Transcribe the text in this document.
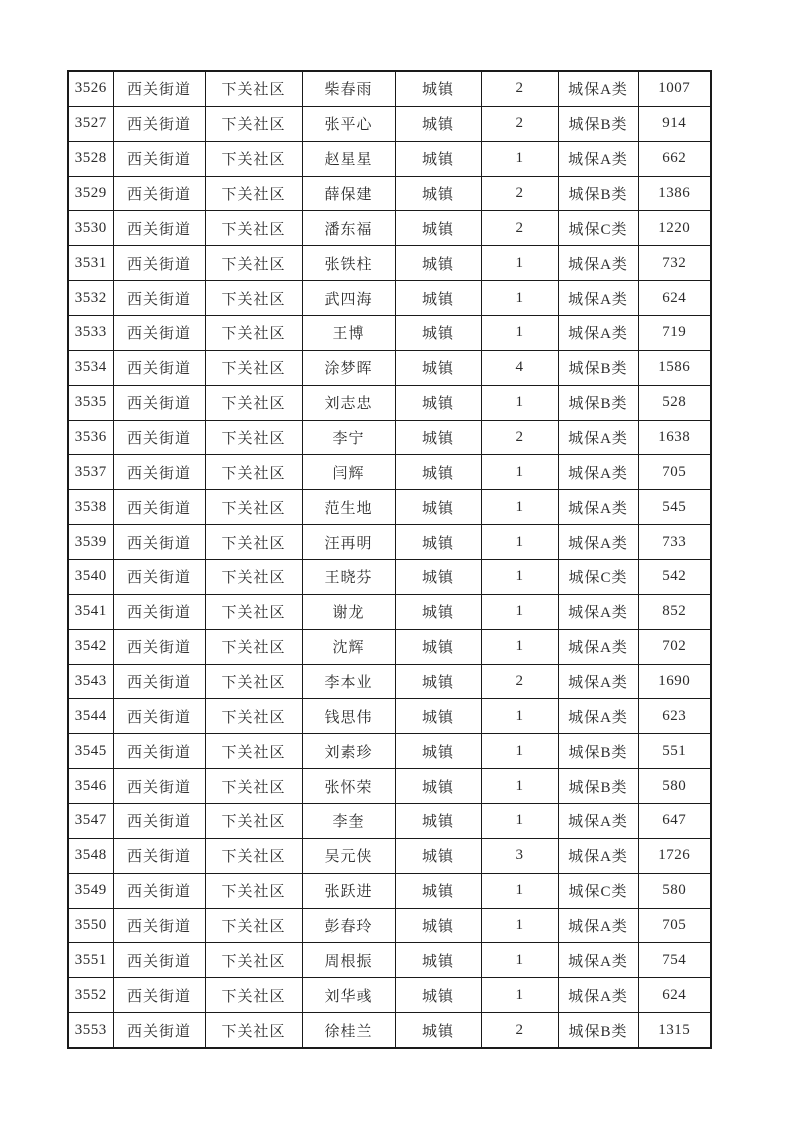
3526	西关街道	下关社区	柴春雨	城镇	2	城保A类	1007
3527	西关街道	下关社区	张平心	城镇	2	城保B类	914
3528	西关街道	下关社区	赵星星	城镇	1	城保A类	662
3529	西关街道	下关社区	薛保建	城镇	2	城保B类	1386
3530	西关街道	下关社区	潘东福	城镇	2	城保C类	1220
3531	西关街道	下关社区	张铁柱	城镇	1	城保A类	732
3532	西关街道	下关社区	武四海	城镇	1	城保A类	624
3533	西关街道	下关社区	王博	城镇	1	城保A类	719
3534	西关街道	下关社区	涂梦晖	城镇	4	城保B类	1586
3535	西关街道	下关社区	刘志忠	城镇	1	城保B类	528
3536	西关街道	下关社区	李宁	城镇	2	城保A类	1638
3537	西关街道	下关社区	闫辉	城镇	1	城保A类	705
3538	西关街道	下关社区	范生地	城镇	1	城保A类	545
3539	西关街道	下关社区	汪再明	城镇	1	城保A类	733
3540	西关街道	下关社区	王晓芬	城镇	1	城保C类	542
3541	西关街道	下关社区	谢龙	城镇	1	城保A类	852
3542	西关街道	下关社区	沈辉	城镇	1	城保A类	702
3543	西关街道	下关社区	李本业	城镇	2	城保A类	1690
3544	西关街道	下关社区	钱思伟	城镇	1	城保A类	623
3545	西关街道	下关社区	刘素珍	城镇	1	城保B类	551
3546	西关街道	下关社区	张怀荣	城镇	1	城保B类	580
3547	西关街道	下关社区	李奎	城镇	1	城保A类	647
3548	西关街道	下关社区	吴元侠	城镇	3	城保A类	1726
3549	西关街道	下关社区	张跃进	城镇	1	城保C类	580
3550	西关街道	下关社区	彭春玲	城镇	1	城保A类	705
3551	西关街道	下关社区	周根振	城镇	1	城保A类	754
3552	西关街道	下关社区	刘华彧	城镇	1	城保A类	624
3553	西关街道	下关社区	徐桂兰	城镇	2	城保B类	1315
